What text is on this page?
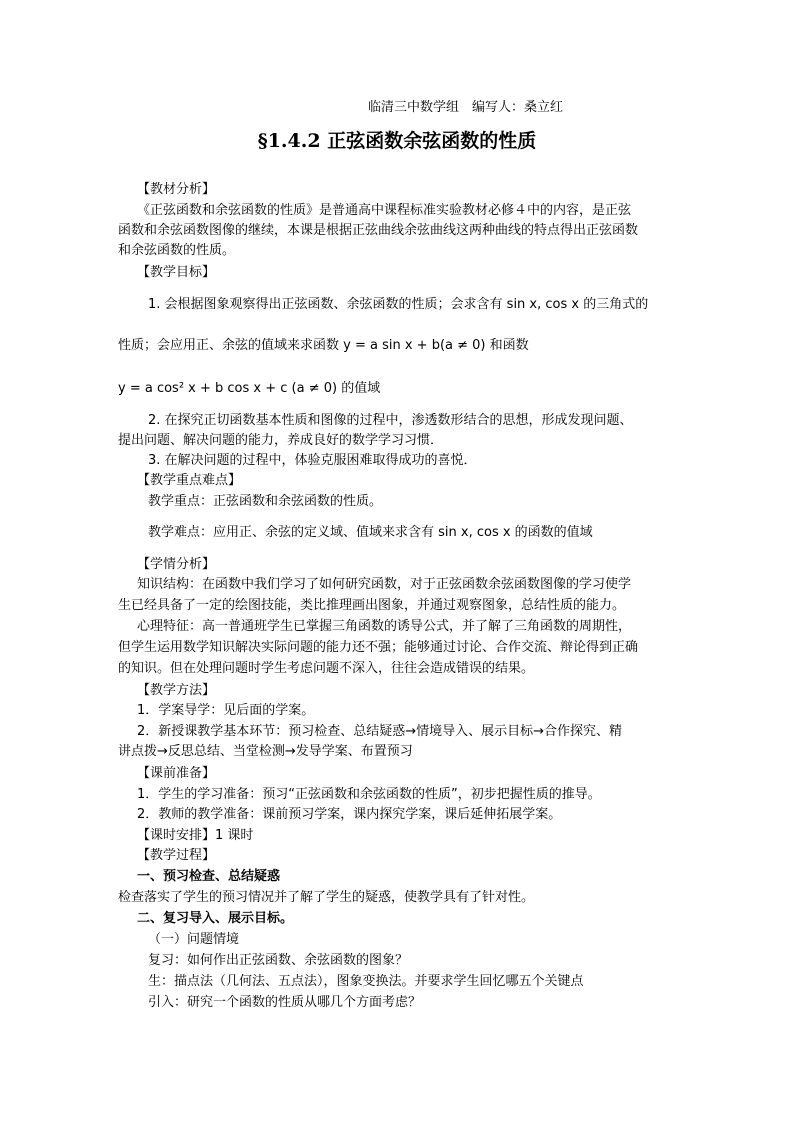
临清三中数学组　编写人：桑立红
§1.4.2 正弦函数余弦函数的性质
【教材分析】
《正弦函数和余弦函数的性质》是普通高中课程标准实验教材必修４中的内容，是正弦
函数和余弦函数图像的继续，本课是根据正弦曲线余弦曲线这两种曲线的特点得出正弦函数
和余弦函数的性质。
【教学目标】
1. 会根据图象观察得出正弦函数、余弦函数的性质；会求含有 sin x, cos x 的三角式的
性质；会应用正、余弦的值域来求函数 y = a sin x + b(a ≠ 0) 和函数
y = a cos² x + b cos x + c (a ≠ 0) 的值域
2. 在探究正切函数基本性质和图像的过程中，渗透数形结合的思想，形成发现问题、
提出问题、解决问题的能力，养成良好的数学学习习惯．
3. 在解决问题的过程中，体验克服困难取得成功的喜悦．
【教学重点难点】
教学重点：正弦函数和余弦函数的性质。
教学难点：应用正、余弦的定义域、值域来求含有 sin x, cos x 的函数的值域
【学情分析】
知识结构：在函数中我们学习了如何研究函数，对于正弦函数余弦函数图像的学习使学
生已经具备了一定的绘图技能，类比推理画出图象，并通过观察图象，总结性质的能力。
心理特征：高一普通班学生已掌握三角函数的诱导公式，并了解了三角函数的周期性，
但学生运用数学知识解决实际问题的能力还不强；能够通过讨论、合作交流、辩论得到正确
的知识。但在处理问题时学生考虑问题不深入，往往会造成错误的结果。
【教学方法】
1．学案导学：见后面的学案。
2．新授课教学基本环节：预习检查、总结疑惑→情境导入、展示目标→合作探究、精
讲点拨→反思总结、当堂检测→发导学案、布置预习
【课前准备】
1．学生的学习准备：预习“正弦函数和余弦函数的性质”，初步把握性质的推导。
2．教师的教学准备：课前预习学案，课内探究学案，课后延伸拓展学案。
【课时安排】1 课时
【教学过程】
一、预习检查、总结疑惑
检查落实了学生的预习情况并了解了学生的疑惑，使教学具有了针对性。
二、复习导入、展示目标。
（一）问题情境
复习：如何作出正弦函数、余弦函数的图象？
生：描点法（几何法、五点法），图象变换法。并要求学生回忆哪五个关键点
引入：研究一个函数的性质从哪几个方面考虑？
